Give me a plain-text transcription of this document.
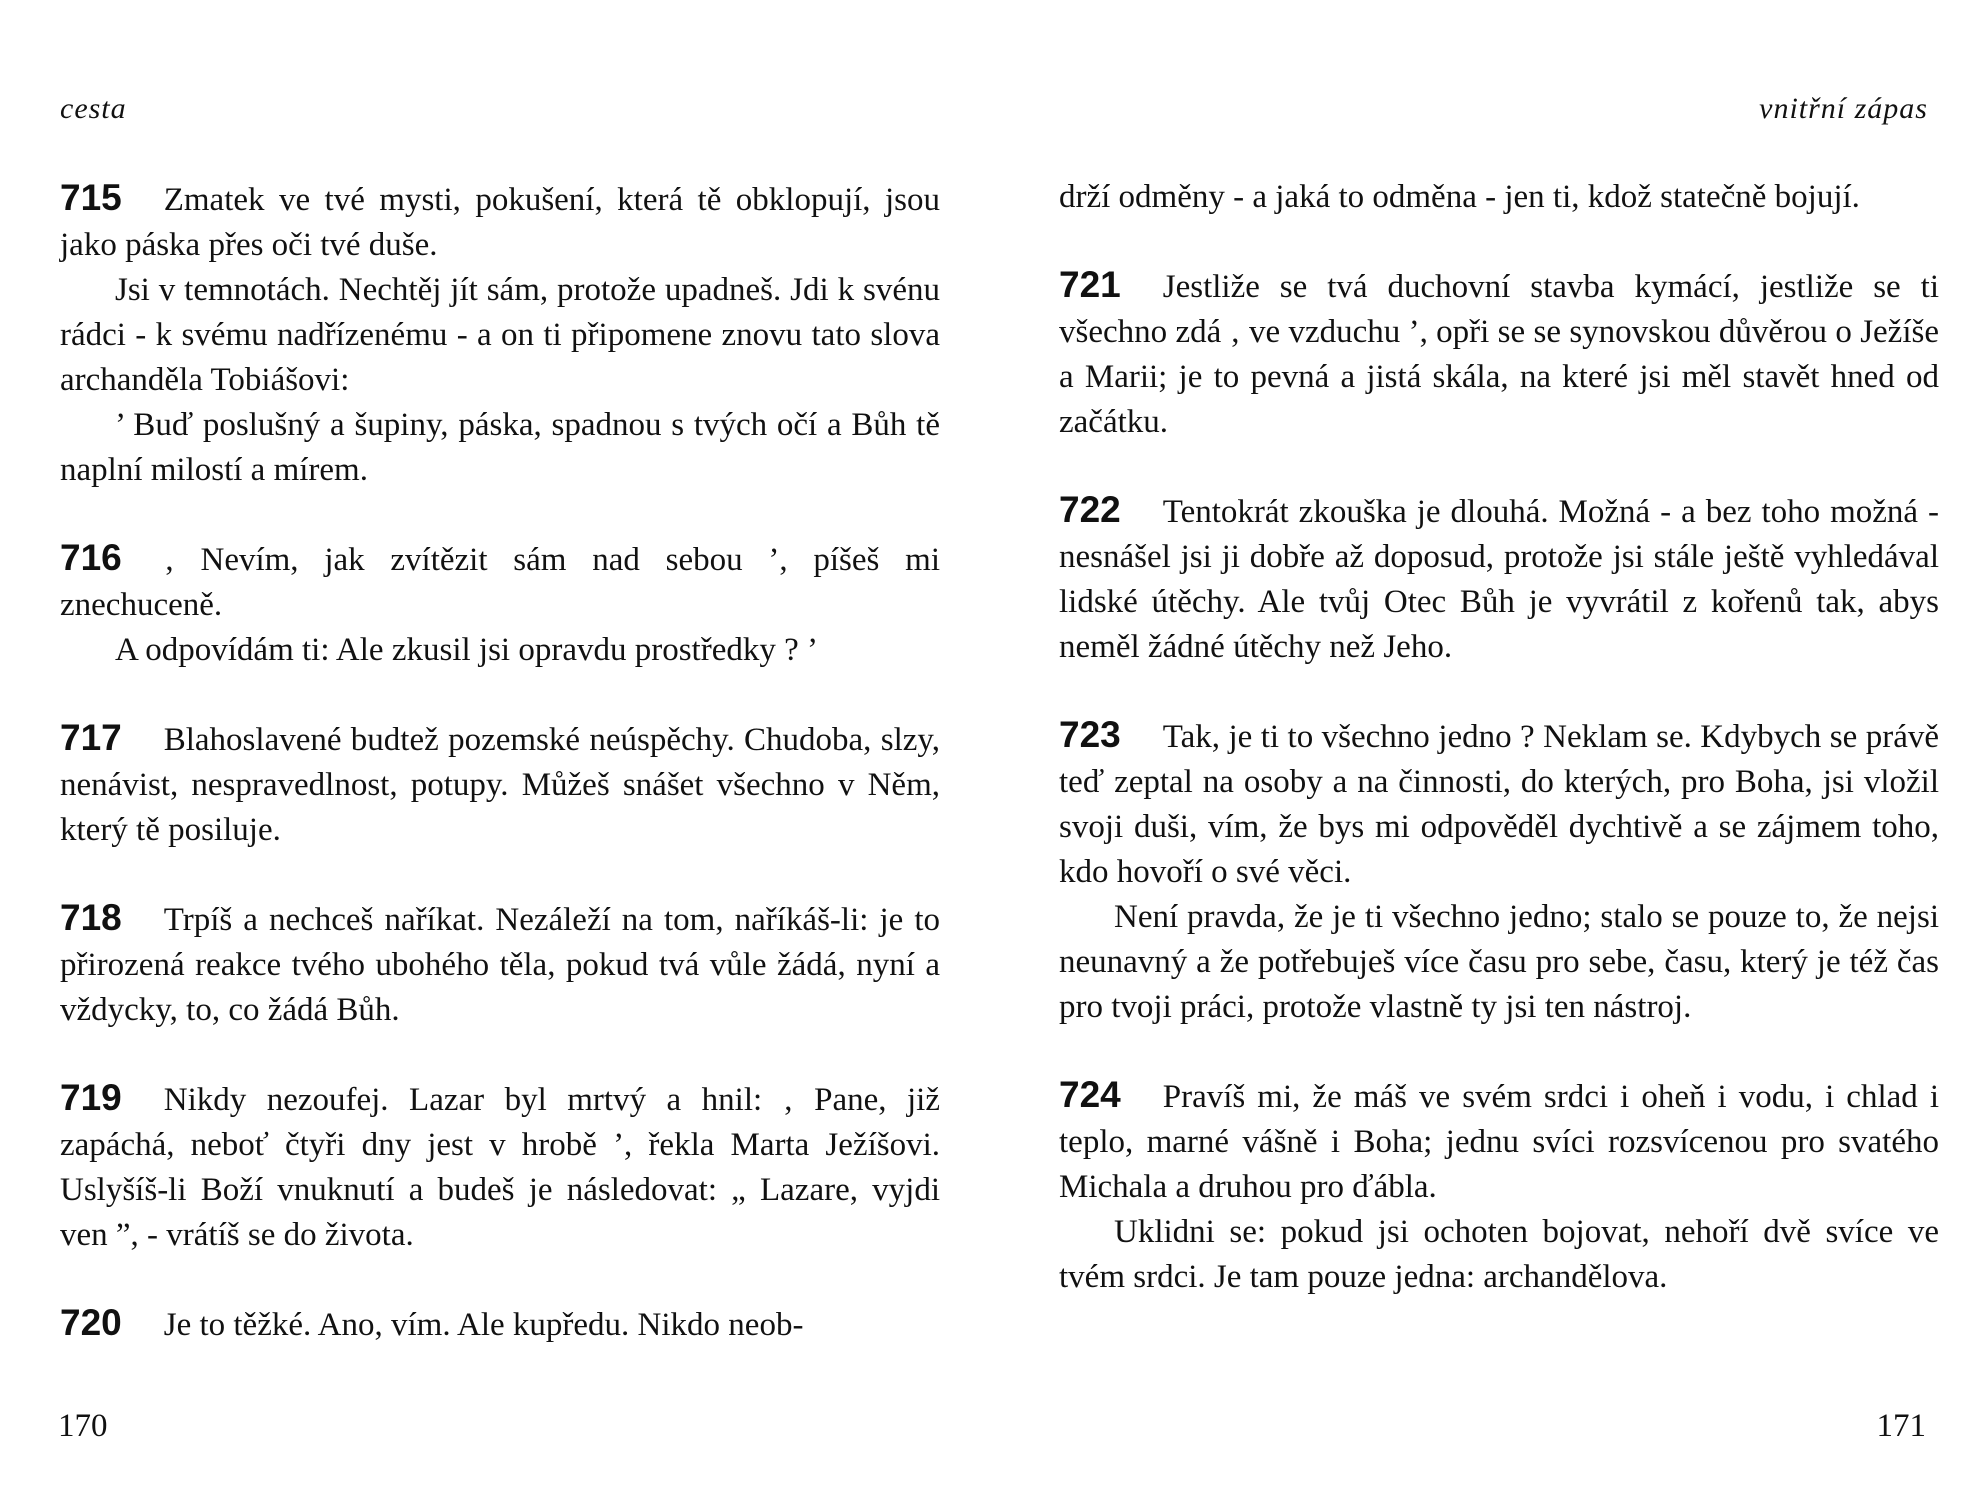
cesta

715 Zmatek ve tvé mysti, pokušení, která tě obklopují, jsou jako páska přes oči tvé duše.

Jsi v temnotách. Nechtěj jít sám, protože upadneš. Jdi k svénu rádci - k svému nadřízenému - a on ti připomene znovu tato slova archanděla Tobiášovi:

’ Buď poslušný a šupiny, páska, spadnou s tvých očí a Bůh tě naplní milostí a mírem.

716 ‚ Nevím, jak zvítězit sám nad sebou ’, píšeš mi znechuceně.

A odpovídám ti: Ale zkusil jsi opravdu prostředky ? ’

717 Blahoslavené budtež pozemské neúspěchy. Chudoba, slzy, nenávist, nespravedlnost, potupy. Můžeš snášet všechno v Něm, který tě posiluje.

718 Trpíš a nechceš naříkat. Nezáleží na tom, naříkáš-li: je to přirozená reakce tvého ubohého těla, pokud tvá vůle žádá, nyní a vždycky, to, co žádá Bůh.

719 Nikdy nezoufej. Lazar byl mrtvý a hnil: ‚ Pane, již zapáchá, neboť čtyři dny jest v hrobě ’, řekla Marta Ježíšovi. Uslyšíš-li Boží vnuknutí a budeš je následovat: „ Lazare, vyjdi ven ”, - vrátíš se do života.

720 Je to těžké. Ano, vím. Ale kupředu. Nikdo neob-

170
vnitřní zápas

drží odměny - a jaká to odměna - jen ti, kdož statečně bojují.

721 Jestliže se tvá duchovní stavba kymácí, jestliže se ti všechno zdá ‚ ve vzduchu ’, opři se se synovskou důvěrou o Ježíše a Marii; je to pevná a jistá skála, na které jsi měl stavět hned od začátku.

722 Tentokrát zkouška je dlouhá. Možná - a bez toho možná - nesnášel jsi ji dobře až doposud, protože jsi stále ještě vyhledával lidské útěchy. Ale tvůj Otec Bůh je vyvrátil z kořenů tak, abys neměl žádné útěchy než Jeho.

723 Tak, je ti to všechno jedno ? Neklam se. Kdybych se právě teď zeptal na osoby a na činnosti, do kterých, pro Boha, jsi vložil svoji duši, vím, že bys mi odpověděl dychtivě a se zájmem toho, kdo hovoří o své věci.

Není pravda, že je ti všechno jedno; stalo se pouze to, že nejsi neunavný a že potřebuješ více času pro sebe, času, který je též čas pro tvoji práci, protože vlastně ty jsi ten nástroj.

724 Pravíš mi, že máš ve svém srdci i oheň i vodu, i chlad i teplo, marné vášně i Boha; jednu svíci rozsvícenou pro svatého Michala a druhou pro ďábla.

Uklidni se: pokud jsi ochoten bojovat, nehoří dvě svíce ve tvém srdci. Je tam pouze jedna: archandělova.

171
